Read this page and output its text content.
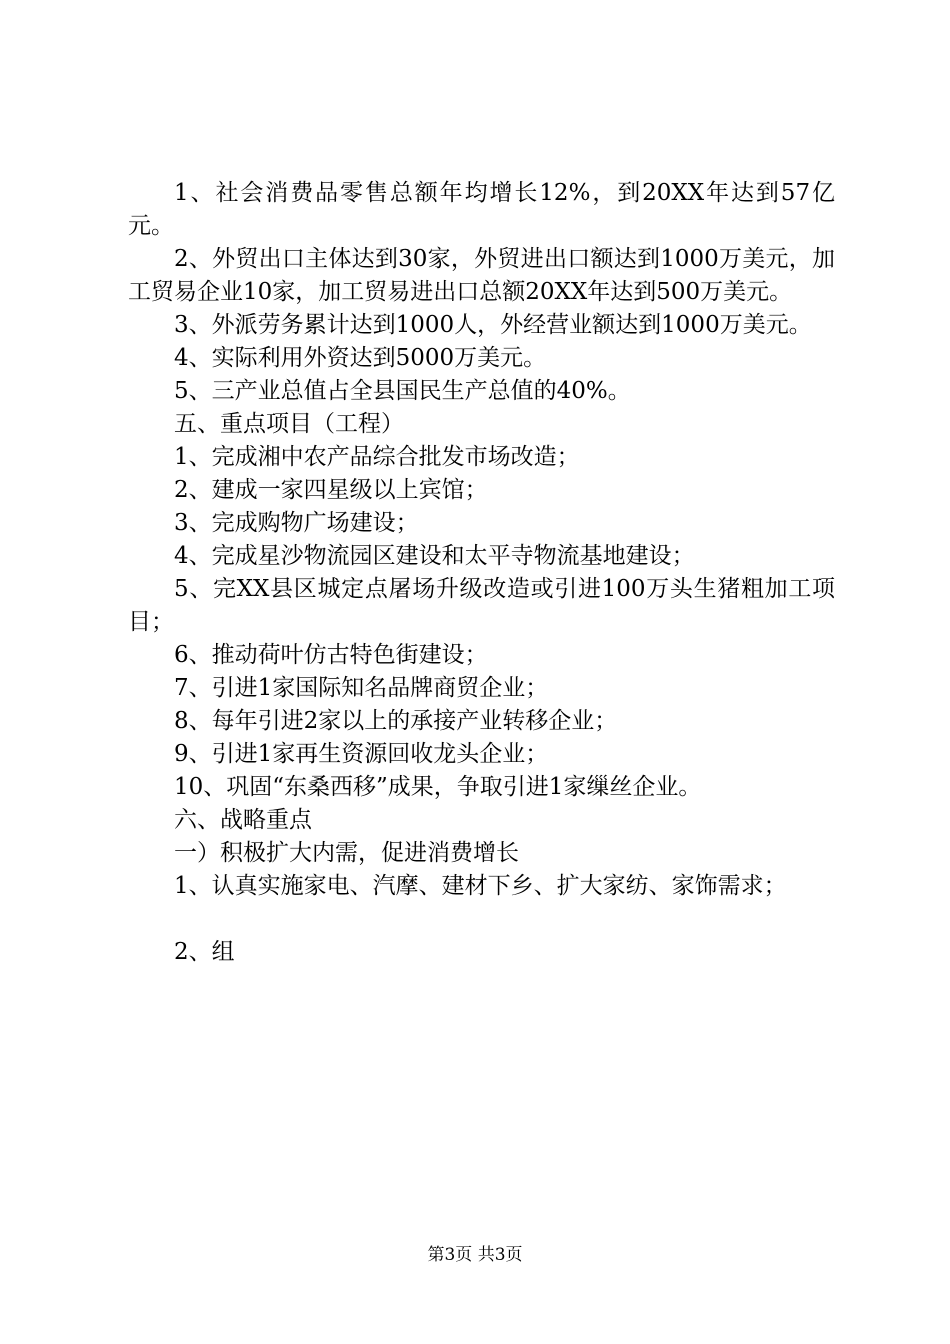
1、社会消费品零售总额年均增长12%，到20XX年达到57亿元。

2、外贸出口主体达到30家，外贸进出口额达到1000万美元，加工贸易企业10家，加工贸易进出口总额20XX年达到500万美元。

3、外派劳务累计达到1000人，外经营业额达到1000万美元。

4、实际利用外资达到5000万美元。

5、三产业总值占全县国民生产总值的40%。

五、重点项目（工程）

1、完成湘中农产品综合批发市场改造；

2、建成一家四星级以上宾馆；

3、完成购物广场建设；

4、完成星沙物流园区建设和太平寺物流基地建设；

5、完XX县区城定点屠场升级改造或引进100万头生猪粗加工项目；

6、推动荷叶仿古特色街建设；

7、引进1家国际知名品牌商贸企业；

8、每年引进2家以上的承接产业转移企业；

9、引进1家再生资源回收龙头企业；

10、巩固“东桑西移”成果，争取引进1家缫丝企业。

六、战略重点

一）积极扩大内需，促进消费增长

1、认真实施家电、汽摩、建材下乡、扩大家纺、家饰需求；

2、组

第3页 共3页
